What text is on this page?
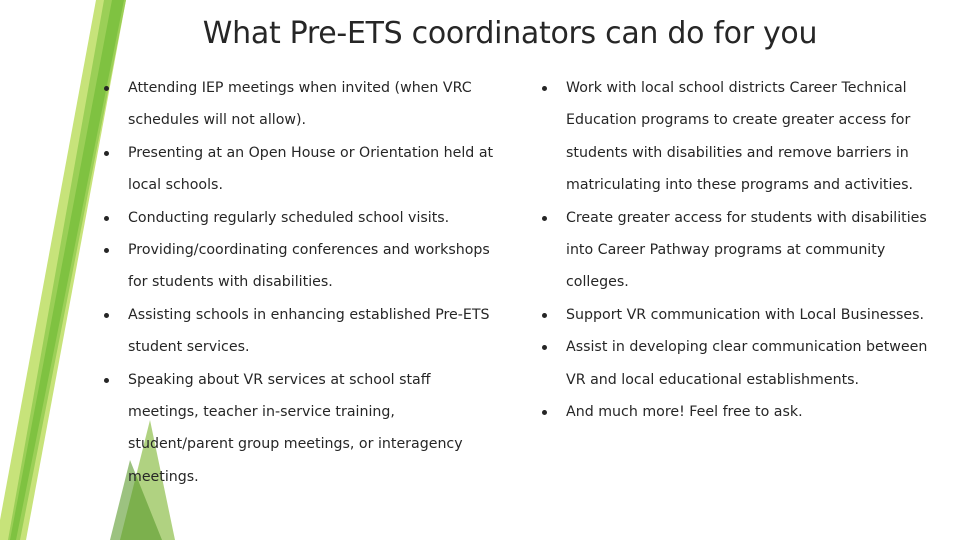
What Pre-ETS coordinators can do for you
Attending IEP meetings when invited (when VRC schedules will not allow).
Presenting at an Open House or Orientation held at local schools.
Conducting regularly scheduled school visits.
Providing/coordinating conferences and workshops for students with disabilities.
Assisting schools in enhancing established Pre-ETS student services.
Speaking about VR services at school staff meetings, teacher in-service training, student/parent group meetings, or interagency meetings.
Work with local school districts Career Technical Education programs to create greater access for students with disabilities and remove barriers in matriculating into these programs and activities.
Create greater access for students with disabilities into Career Pathway programs at community colleges.
Support VR communication with Local Businesses.
Assist in developing clear communication between VR and local educational establishments.
And much more! Feel free to ask.
